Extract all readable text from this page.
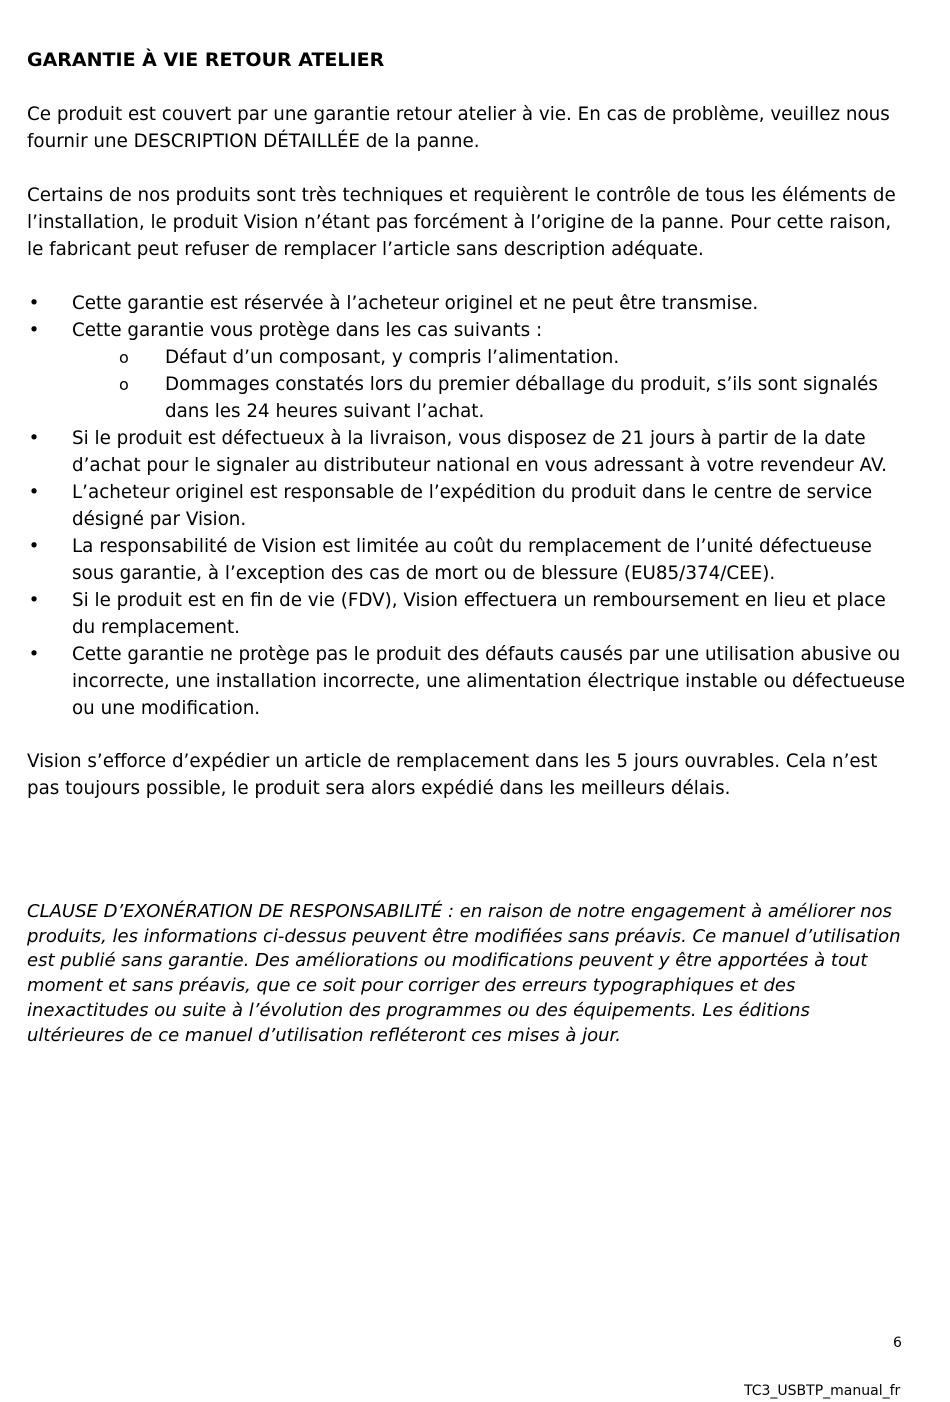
GARANTIE À VIE RETOUR ATELIER

Ce produit est couvert par une garantie retour atelier à vie. En cas de problème, veuillez nous fournir une DESCRIPTION DÉTAILLÉE de la panne.

Certains de nos produits sont très techniques et requièrent le contrôle de tous les éléments de l’installation, le produit Vision n’étant pas forcément à l’origine de la panne. Pour cette raison, le fabricant peut refuser de remplacer l’article sans description adéquate.

• Cette garantie est réservée à l’acheteur originel et ne peut être transmise.
• Cette garantie vous protège dans les cas suivants :
o Défaut d’un composant, y compris l’alimentation.
o Dommages constatés lors du premier déballage du produit, s’ils sont signalés dans les 24 heures suivant l’achat.
• Si le produit est défectueux à la livraison, vous disposez de 21 jours à partir de la date d’achat pour le signaler au distributeur national en vous adressant à votre revendeur AV.
• L’acheteur originel est responsable de l’expédition du produit dans le centre de service désigné par Vision.
• La responsabilité de Vision est limitée au coût du remplacement de l’unité défectueuse sous garantie, à l’exception des cas de mort ou de blessure (EU85/374/CEE).
• Si le produit est en fin de vie (FDV), Vision effectuera un remboursement en lieu et place du remplacement.
• Cette garantie ne protège pas le produit des défauts causés par une utilisation abusive ou incorrecte, une installation incorrecte, une alimentation électrique instable ou défectueuse ou une modification.

Vision s’efforce d’expédier un article de remplacement dans les 5 jours ouvrables. Cela n’est pas toujours possible, le produit sera alors expédié dans les meilleurs délais.

CLAUSE D’EXONÉRATION DE RESPONSABILITÉ : en raison de notre engagement à améliorer nos produits, les informations ci-dessus peuvent être modifiées sans préavis. Ce manuel d’utilisation est publié sans garantie. Des améliorations ou modifications peuvent y être apportées à tout moment et sans préavis, que ce soit pour corriger des erreurs typographiques et des inexactitudes ou suite à l’évolution des programmes ou des équipements. Les éditions ultérieures de ce manuel d’utilisation refléteront ces mises à jour.
6
TC3_USBTP_manual_fr
